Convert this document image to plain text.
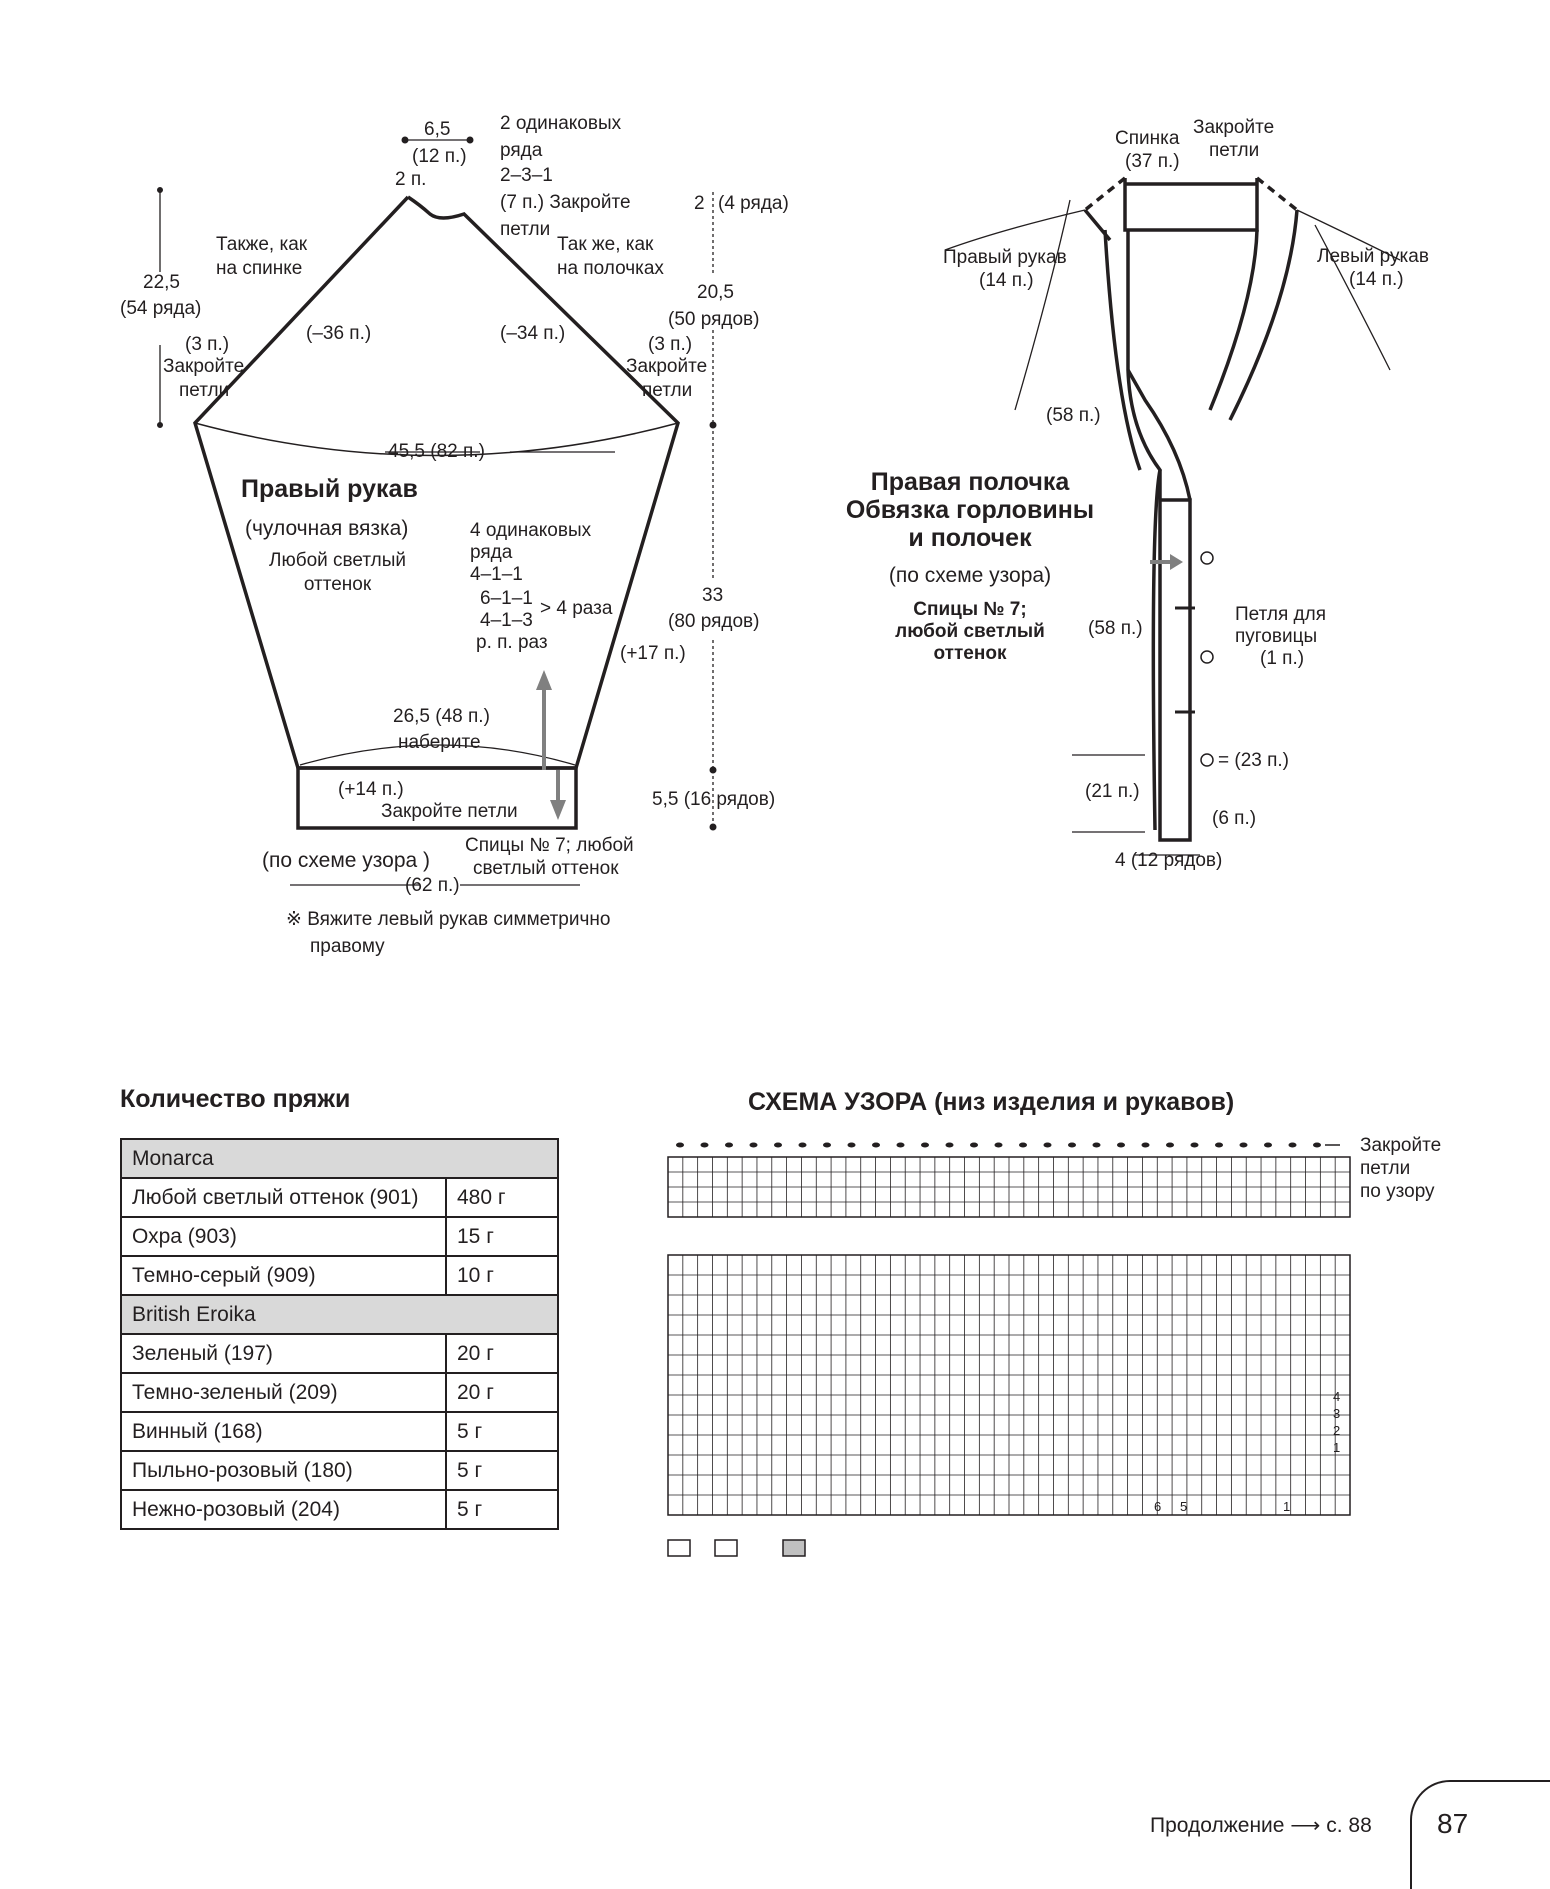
6,5
(12 п.)
2 п.
2 одинаковых
ряда
2–3–1
(7 п.) Закройте
петли
Также, как
на спинке
Так же, как
на полочках
22,5
(54 ряда)
(–36 п.)	(–34 п.)
2 (4 ряда)
20,5
(50 рядов)
(3 п.)
Закройте
петли
(3 п.)
Закройте
петли
45,5 (82 п.)
Правый рукав
(чулочная вязка)
Любой светлый
оттенок
4 одинаковых
ряда
4–1–1
6–1–1
4–1–3
> 4 раза
р. п. раз
33
(80 рядов)
(+17 п.)
26,5 (48 п.)
наберите
(+14 п.)
Закройте петли
5,5 (16 рядов)
(по схеме узора )
(62 п.)
Спицы № 7; любой
светлый оттенок
※ Вяжите левый рукав симметрично
правому
Спинка
(37 п.)
Закройте
петли
Правый рукав
(14 п.)
Левый рукав
(14 п.)
(58 п.)
Правая полочка
Обвязка горловины
и полочек
(по схеме узора)
Спицы № 7;
любой светлый
оттенок
(58 п.)
Петля для
пуговицы
(1 п.)
= (23 п.)
(21 п.)
(6 п.)
4 (12 рядов)
Количество пряжи
Monarca	
Любой светлый оттенок (901)	480 г
Охра (903)	15 г
Темно-серый (909)	10 г
British Eroika	
Зеленый (197)	20 г
Темно-зеленый (209)	20 г
Винный (168)	5 г
Пыльно-розовый (180)	5 г
Нежно-розовый (204)	5 г
СХЕМА УЗОРА (низ изделия и рукавов)
Закройте
петли
по узору
4
3
2
1
6 5	1
Продолжение ⟶ с. 88 87
